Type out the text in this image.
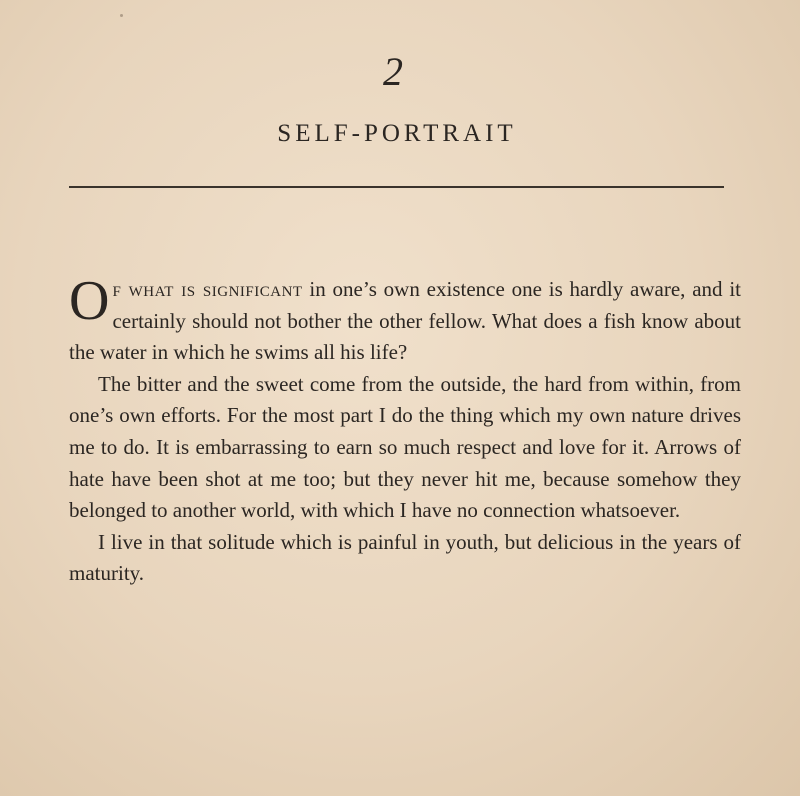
2
SELF-PORTRAIT

Of what is significant in one’s own existence one is hardly aware, and it certainly should not bother the other fellow. What does a fish know about the water in which he swims all his life?

The bitter and the sweet come from the outside, the hard from within, from one’s own efforts. For the most part I do the thing which my own nature drives me to do. It is embarrassing to earn so much respect and love for it. Arrows of hate have been shot at me too; but they never hit me, because somehow they belonged to another world, with which I have no connection whatsoever.

I live in that solitude which is painful in youth, but delicious in the years of maturity.
